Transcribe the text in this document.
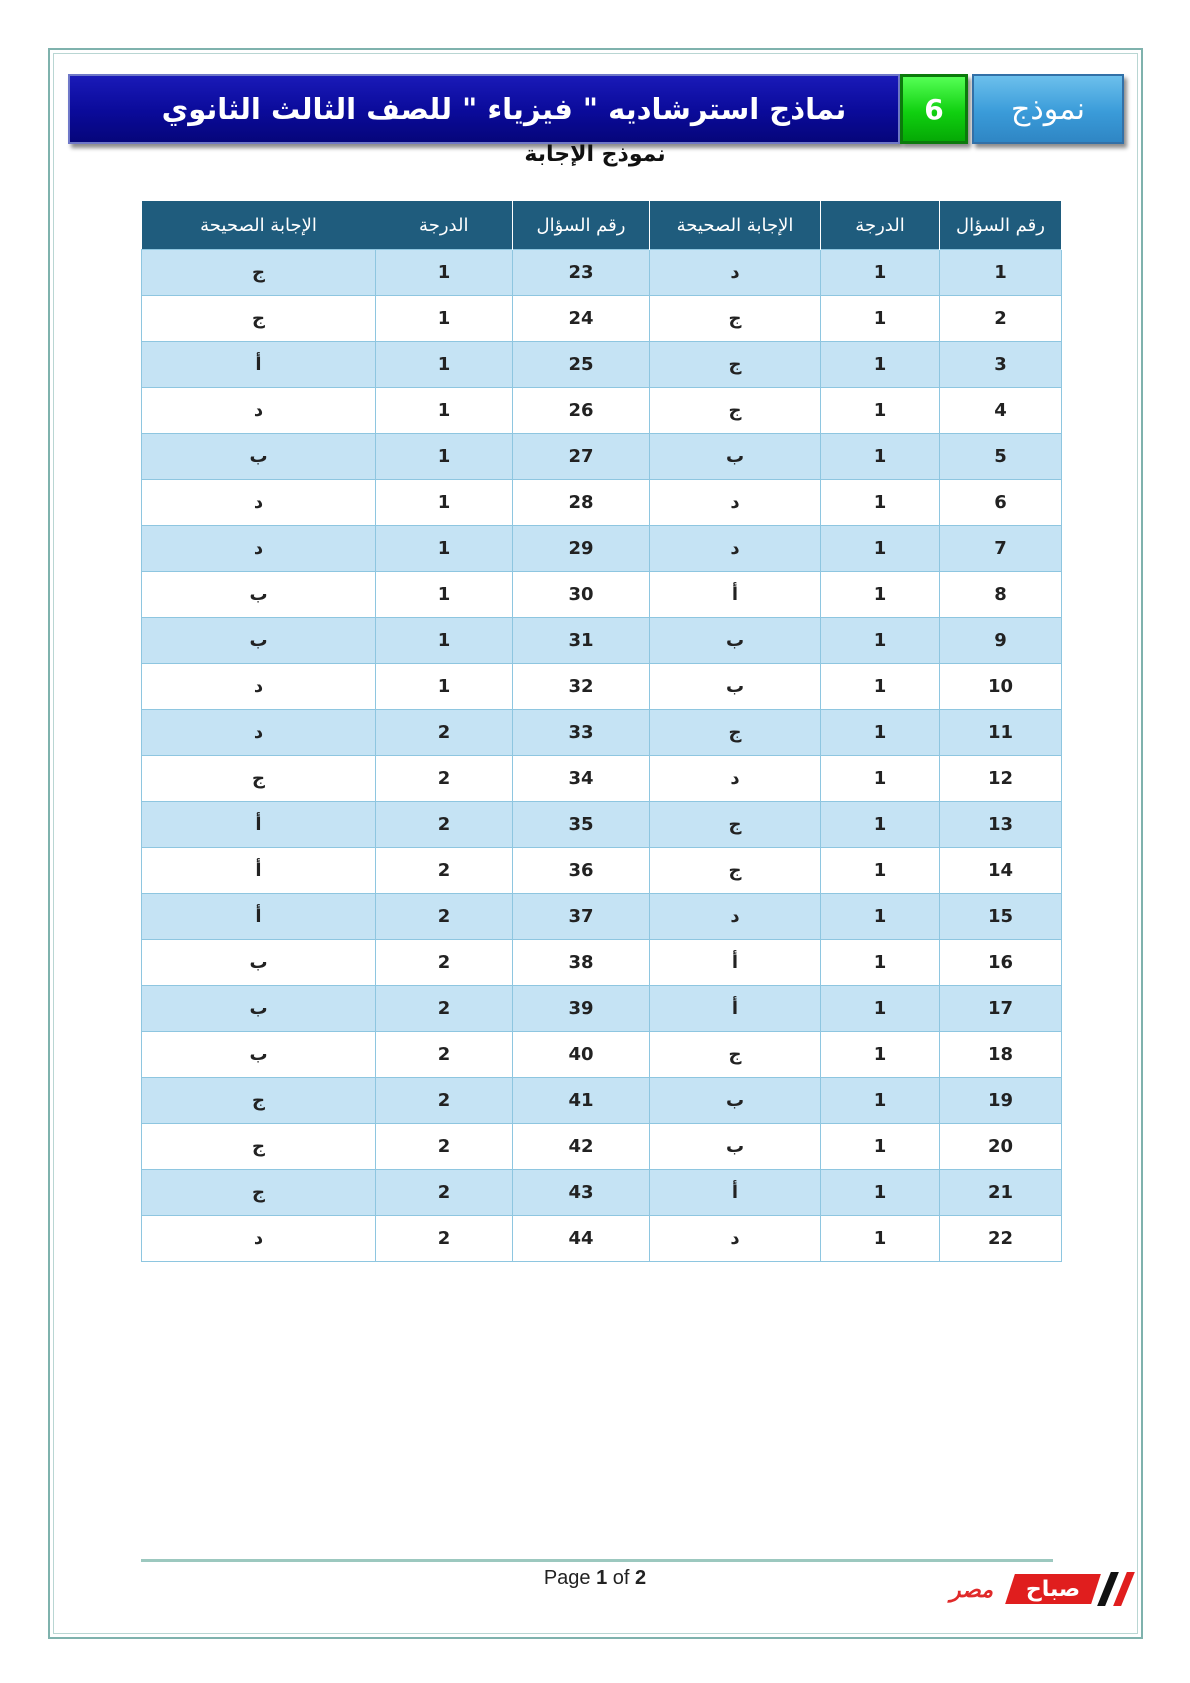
نماذج استرشاديه " فيزياء " للصف الثالث الثانوي	6 نموذج
نموذج الإجابة
رقم السؤال	الدرجة	الإجابة الصحيحة	رقم السؤال	الدرجة	الإجابة الصحيحة
1	1	د	23	1	ج
2	1	ج	24	1	ج
3	1	ج	25	1	أ
4	1	ج	26	1	د
5	1	ب	27	1	ب
6	1	د	28	1	د
7	1	د	29	1	د
8	1	أ	30	1	ب
9	1	ب	31	1	ب
10	1	ب	32	1	د
11	1	ج	33	2	د
12	1	د	34	2	ج
13	1	ج	35	2	أ
14	1	ج	36	2	أ
15	1	د	37	2	أ
16	1	أ	38	2	ب
17	1	أ	39	2	ب
18	1	ج	40	2	ب
19	1	ب	41	2	ج
20	1	ب	42	2	ج
21	1	أ	43	2	ج
22	1	د	44	2	د
Page 1 of 2	مصر صباح
